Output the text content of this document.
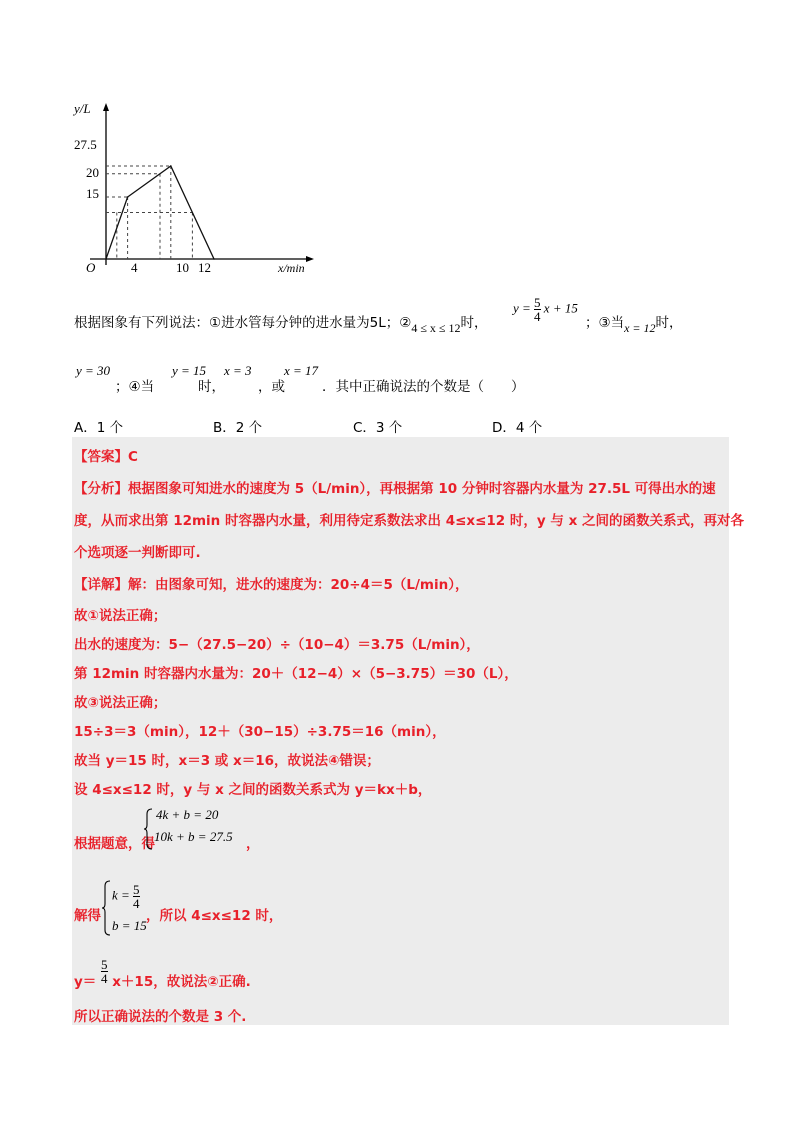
y/L
O	x/min
27.5
20
15
4	10 12
根据图象有下列说法：①进水管每分钟的进水量为5L；②4 ≤ x ≤ 12时，
$y = \frac{5}{4}$ x + 15
；③当x = 12时，
y = 30
；④当
y = 15
时，
x = 3
，或
x = 17
．其中正确说法的个数是（　　）
A．1 个	B．2 个	C．3 个	D．4 个
【答案】C
【分析】根据图象可知进水的速度为 5（L/min），再根据第 10 分钟时容器内水量为 27.5L 可得出水的速
度，从而求出第 12min 时容器内水量，利用待定系数法求出 4≤x≤12 时，y 与 x 之间的函数关系式，再对各
个选项逐一判断即可.
【详解】解：由图象可知，进水的速度为：20÷4＝5（L/min），
故①说法正确；
出水的速度为：5−（27.5−20）÷（10−4）＝3.75（L/min），
第 12min 时容器内水量为：20＋（12−4）×（5−3.75）＝30（L），
故③说法正确；
15÷3＝3（min），12＋（30−15）÷3.75＝16（min），
故当 y＝15 时，x＝3 或 x＝16，故说法④错误；
设 4≤x≤12 时，y 与 x 之间的函数关系式为 y＝kx＋b，
根据题意，得
4k + b = 20
10k + b = 27.5 ，
解得
$k = \frac{5}{4}$
b = 15
，所以 4≤x≤12 时，
$y= \frac{5}{4} x+15$，故说法②正确.
所以正确说法的个数是 3 个.
